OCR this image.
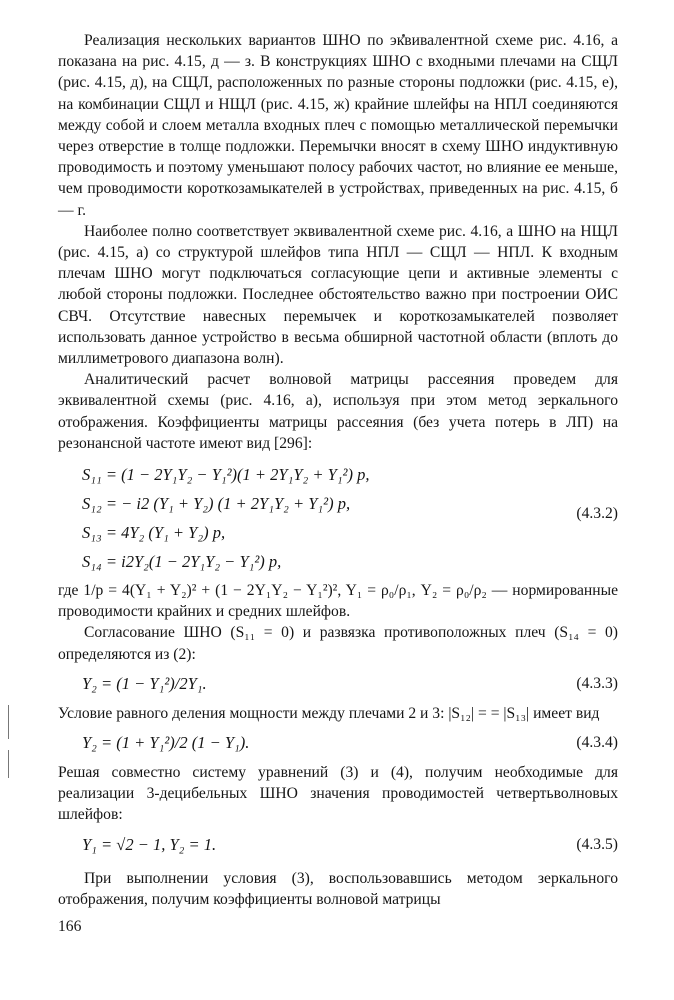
Реализация нескольких вариантов ШНО по эквивалентной схеме рис. 4.16, а показана на рис. 4.15, д — з. В конструкциях ШНО с входными плечами на СЩЛ (рис. 4.15, д), на СЩЛ, расположенных по разные стороны подложки (рис. 4.15, е), на комбинации СЩЛ и НЩЛ (рис. 4.15, ж) крайние шлейфы на НПЛ соединяются между собой и слоем металла входных плеч с помощью металлической перемычки через отверстие в толще подложки. Перемычки вносят в схему ШНО индуктивную проводимость и поэтому уменьшают полосу рабочих частот, но влияние ее меньше, чем проводимости короткозамыкателей в устройствах, приведенных на рис. 4.15, б — г.

Наиболее полно соответствует эквивалентной схеме рис. 4.16, а ШНО на НЩЛ (рис. 4.15, а) со структурой шлейфов типа НПЛ — СЩЛ — НПЛ. К входным плечам ШНО могут подключаться согласующие цепи и активные элементы с любой стороны подложки. Последнее обстоятельство важно при построении ОИС СВЧ. Отсутствие навесных перемычек и короткозамыкателей позволяет использовать данное устройство в весьма обширной частотной области (вплоть до миллиметрового диапазона волн).

Аналитический расчет волновой матрицы рассеяния проведем для эквивалентной схемы (рис. 4.16, а), используя при этом метод зеркального отображения. Коэффициенты матрицы рассеяния (без учета потерь в ЛП) на резонансной частоте имеют вид [296]:

S₁₁ = (1 − 2Y₁Y₂ − Y₁²)(1 + 2Y₁Y₂ + Y₁²) p,
S₁₂ = − i2 (Y₁ + Y₂) (1 + 2Y₁Y₂ + Y₁²) p,
S₁₃ = 4Y₂ (Y₁ + Y₂) p,
S₁₄ = i2Y₂(1 − 2Y₁Y₂ − Y₁²) p,
(4.3.2)

где 1/p = 4(Y₁ + Y₂)² + (1 − 2Y₁Y₂ − Y₁²)², Y₁ = ρ₀/ρ₁, Y₂ = ρ₀/ρ₂ — нормированные проводимости крайних и средних шлейфов.

Согласование ШНО (S₁₁ = 0) и развязка противоположных плеч (S₁₄ = 0) определяются из (2):

Y₂ = (1 − Y₁²)/2Y₁.	(4.3.3)

Условие равного деления мощности между плечами 2 и 3: |S₁₂| = = |S₁₃| имеет вид

Y₂ = (1 + Y₁²)/2 (1 − Y₁).	(4.3.4)

Решая совместно систему уравнений (3) и (4), получим необходимые для реализации 3-децибельных ШНО значения проводимостей четвертьволновых шлейфов:

Y₁ = √2 − 1, Y₂ = 1.	(4.3.5)

При выполнении условия (3), воспользовавшись методом зеркального отображения, получим коэффициенты волновой матрицы

166
